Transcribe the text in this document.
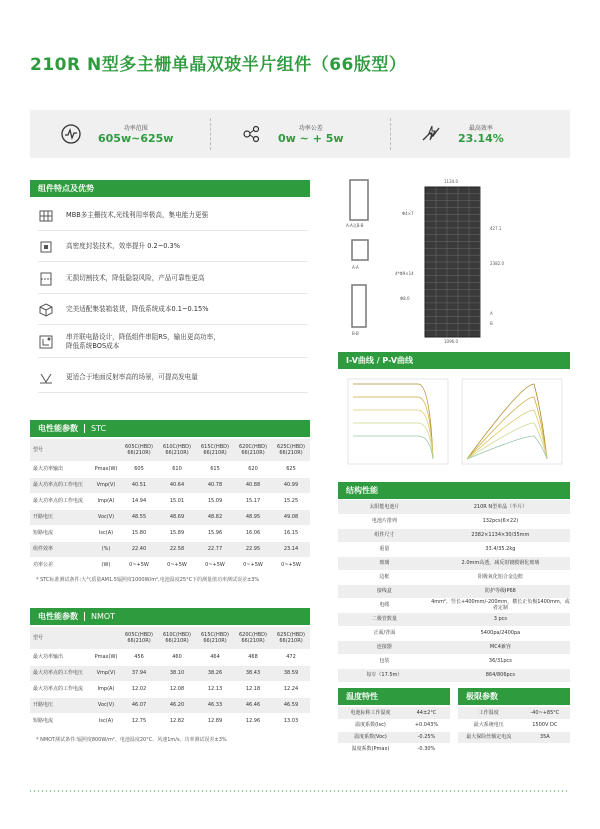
210R N型多主栅单晶双玻半片组件（66版型）
功率范围
605w~625w
功率公差
0w ~ + 5w
最高效率
23.14%
组件特点及优势
MBB多主栅技术,光线利用率极高，集电能力更强
高密度封装技术，效率提升 0.2~0.3%
无损切割技术，降低隐裂风险，产品可靠性更高
完美适配集装箱装货，降低系统成本0.1~0.15%
串并联电路设计，降低组件串阻RS，输出更高功率，
降低系统BOS成本
更适合于地面反射率高的场景，可提高发电量
电性能参数	STC
型号		605C(HBD) 66(210R)	610C(HBD) 66(210R)	615C(HBD) 66(210R)	620C(HBD) 66(210R)	625C(HBD) 66(210R)
最大功率输出	Pmax(W)	605	610	615	620	625
最大功率点的工作电压	Vmp(V)	40.51	40.64	40.78	40.88	40.99
最大功率点的工作电流	Imp(A)	14.94	15.01	15.09	15.17	15.25
开路电压	Voc(V)	48.55	48.69	48.82	48.95	49.08
短路电流	Isc(A)	15.80	15.89	15.96	16.06	16.15
组件效率	(%)	22.40	22.58	22.77	22.95	23.14
功率公差	(W)	0~+5W	0~+5W	0~+5W	0~+5W	0~+5W
* STC标准测试条件:大气质量AM1.5辐照度1000W/m²,电池温度25°C下的测量值功率测试误差±3%
电性能参数	NMOT
型号		605C(HBD) 66(210R)	610C(HBD) 66(210R)	615C(HBD) 66(210R)	620C(HBD) 66(210R)	625C(HBD) 66(210R)
最大功率输出	Pmax(W)	456	460	464	468	472
最大功率点的工作电压	Vmp(V)	37.94	38.10	38.26	38.43	38.59
最大功率点的工作电流	Imp(A)	12.02	12.08	12.13	12.18	12.24
开路电压	Voc(V)	46.07	46.20	46.33	46.46	46.59
短路电流	Isc(A)	12.75	12.82	12.89	12.96	13.03
* NMOT测试条件:辐照度800W/m²、电池温度20°C、风速1m/s、功率测试误差±3%
A-A及B-B
A-A
B-B
1134.0
1096.0
2382.0
427.1
A
Φ4×7
4*Φ9×14
Φ8.0
B
I-V曲线 / P-V曲线
结构性能
太阳能电池片	210R N型单晶（半片）
电池片排列	132pcs(6×22)
组件尺寸	2382×1134×30/35mm
重量	33.4/35.2kg
玻璃	2.0mm高透，减反射镀膜钢化玻璃
边框	阳极氧化铝合金边框
接线盒	防护等级IP68
电缆	4mm²，竖长+400mm/-200mm，横长正负极1400mm，或者定制
二极管数量	3 pcs
正面/背面	5400pa/2400pa
连接器	MC4兼容
包装	36/31pcs
每车（17.5m）	864/806pcs
温度特性
电池标称工作温度	44±2°C
温度系数(Isc)	+0.043%
温度系数(Voc)	-0.25%
温度系数(Pmax)	-0.30%
极限参数
工作温度	-40~+85°C
最大系统电压	1500V DC
最大保险丝额定电流	35A
